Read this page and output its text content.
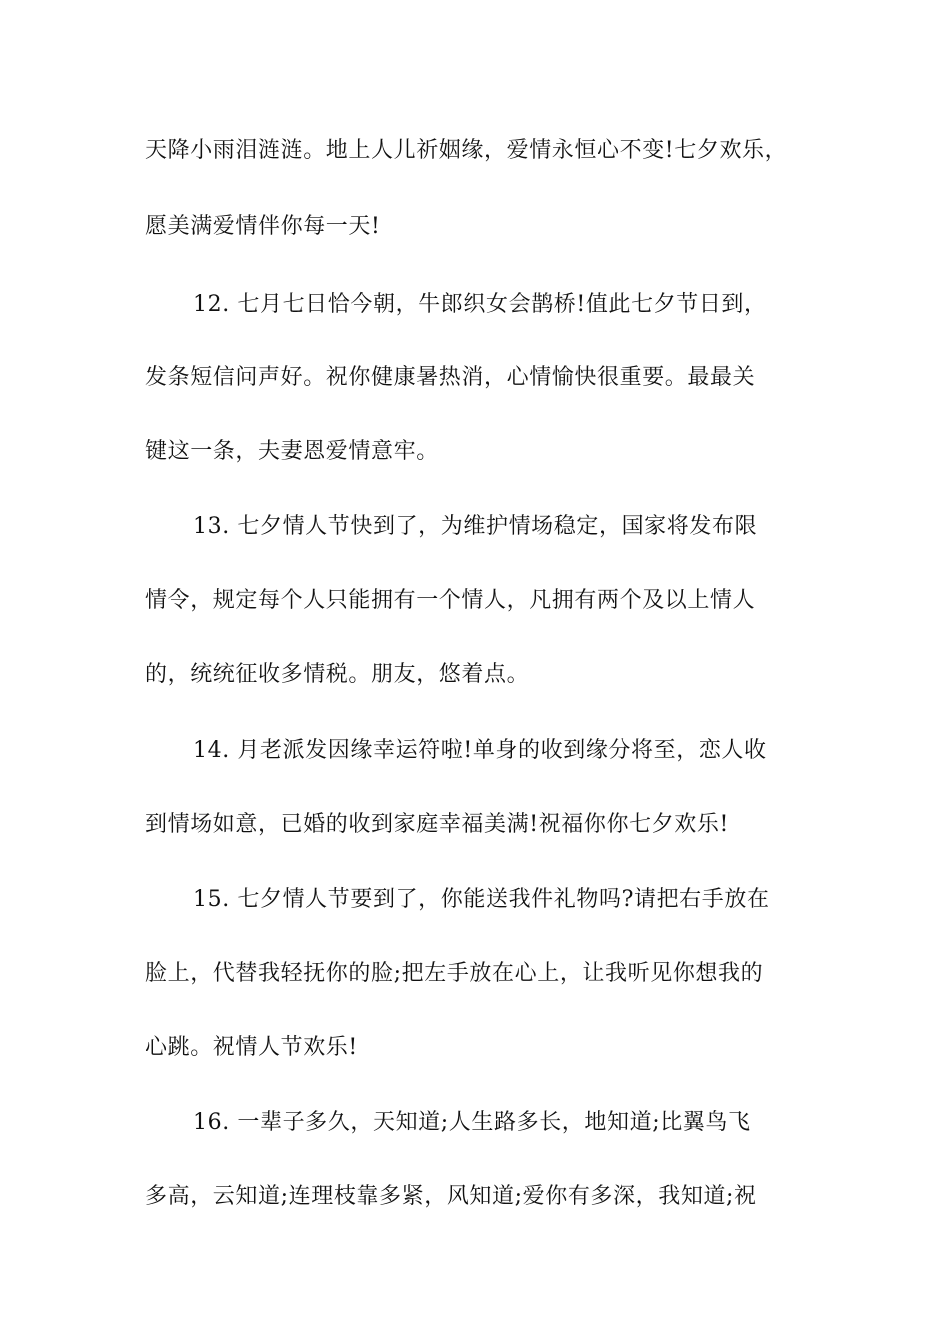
天降小雨泪涟涟。地上人儿祈姻缘，爱情永恒心不变!七夕欢乐，
愿美满爱情伴你每一天!
12. 七月七日恰今朝，牛郎织女会鹊桥!值此七夕节日到，
发条短信问声好。祝你健康暑热消，心情愉快很重要。最最关
键这一条，夫妻恩爱情意牢。
13. 七夕情人节快到了，为维护情场稳定，国家将发布限
情令，规定每个人只能拥有一个情人，凡拥有两个及以上情人
的，统统征收多情税。朋友，悠着点。
14. 月老派发因缘幸运符啦!单身的收到缘分将至，恋人收
到情场如意，已婚的收到家庭幸福美满!祝福你你七夕欢乐!
15. 七夕情人节要到了，你能送我件礼物吗?请把右手放在
脸上，代替我轻抚你的脸;把左手放在心上，让我听见你想我的
心跳。祝情人节欢乐!
16. 一辈子多久，天知道;人生路多长，地知道;比翼鸟飞
多高，云知道;连理枝靠多紧，风知道;爱你有多深，我知道;祝
